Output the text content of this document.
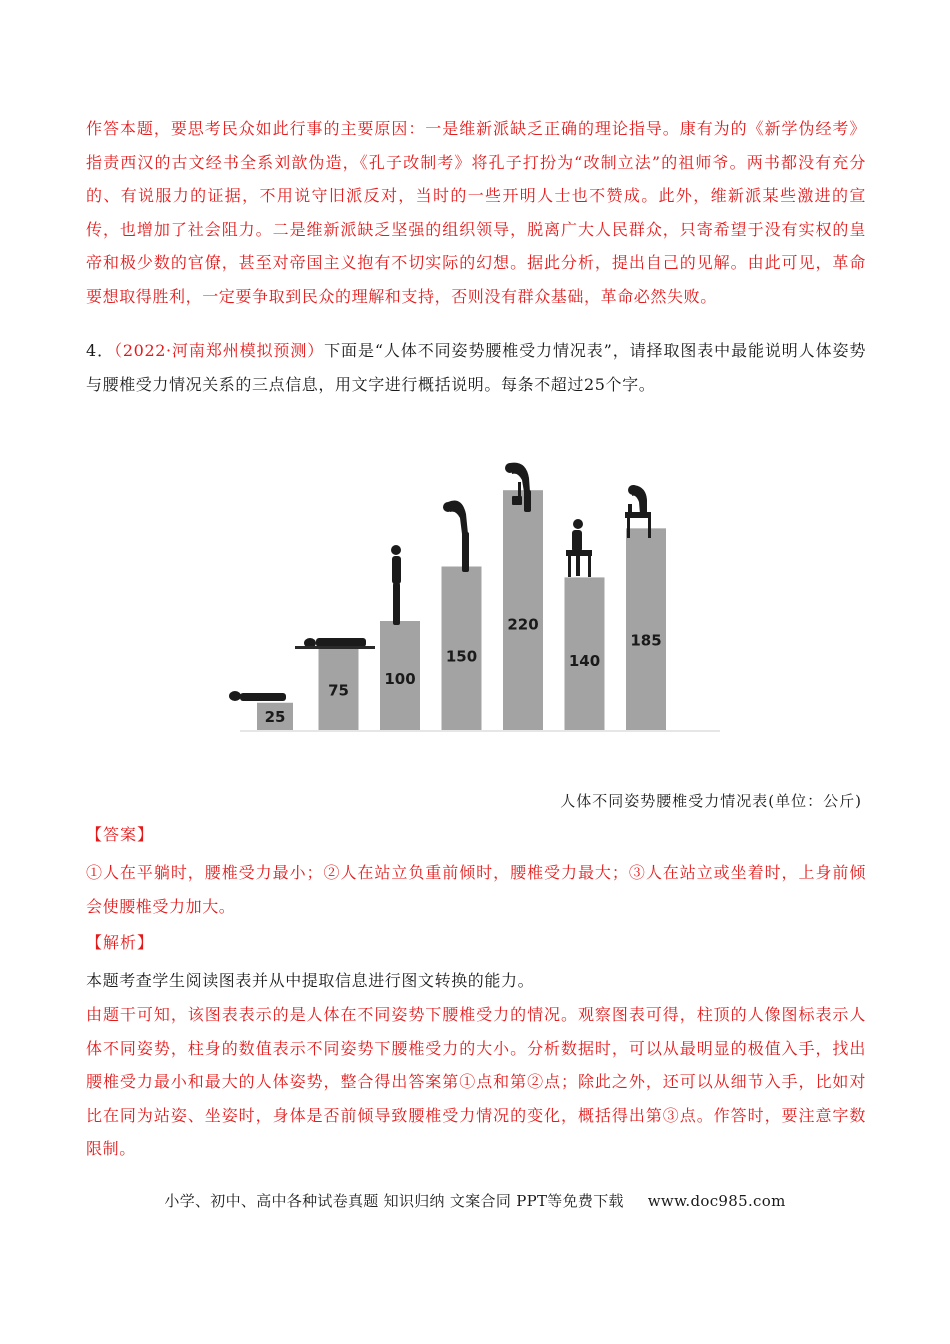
作答本题，要思考民众如此行事的主要原因：一是维新派缺乏正确的理论指导。康有为的《新学伪经考》指责西汉的古文经书全系刘歆伪造，《孔子改制考》将孔子打扮为“改制立法”的祖师爷。两书都没有充分的、有说服力的证据，不用说守旧派反对，当时的一些开明人士也不赞成。此外，维新派某些激进的宣传，也增加了社会阻力。二是维新派缺乏坚强的组织领导，脱离广大人民群众，只寄希望于没有实权的皇帝和极少数的官僚，甚至对帝国主义抱有不切实际的幻想。据此分析，提出自己的见解。由此可见，革命要想取得胜利，一定要争取到民众的理解和支持，否则没有群众基础，革命必然失败。

4．（2022·河南郑州模拟预测）下面是“人体不同姿势腰椎受力情况表”，请择取图表中最能说明人体姿势与腰椎受力情况关系的三点信息，用文字进行概括说明。每条不超过25个字。

25
75
100
150
220
140
185
人体不同姿势腰椎受力情况表(单位：公斤)
【答案】

①人在平躺时，腰椎受力最小；②人在站立负重前倾时，腰椎受力最大；③人在站立或坐着时，上身前倾会使腰椎受力加大。

【解析】

本题考查学生阅读图表并从中提取信息进行图文转换的能力。

由题干可知，该图表表示的是人体在不同姿势下腰椎受力的情况。观察图表可得，柱顶的人像图标表示人体不同姿势，柱身的数值表示不同姿势下腰椎受力的大小。分析数据时，可以从最明显的极值入手，找出腰椎受力最小和最大的人体姿势，整合得出答案第①点和第②点；除此之外，还可以从细节入手，比如对比在同为站姿、坐姿时，身体是否前倾导致腰椎受力情况的变化，概括得出第③点。作答时，要注意字数限制。

小学、初中、高中各种试卷真题 知识归纳 文案合同 PPT等免费下载 www.doc985.com
